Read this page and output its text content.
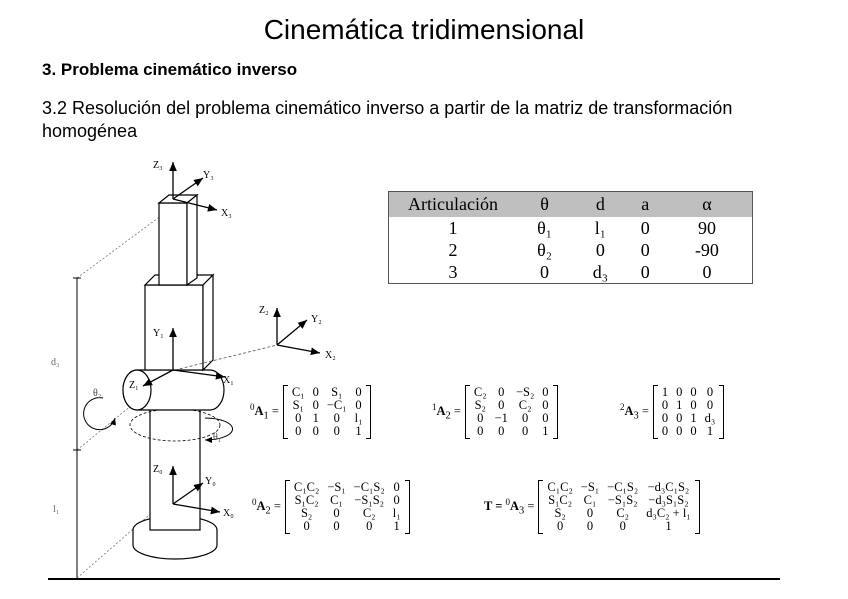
Cinemática tridimensional
3. Problema cinemático inverso
3.2 Resolución del problema cinemático inverso a partir de la matriz de transformación homogénea
d₃
l₁
Z₃
Y₃
X₃
Z₂
Y₂
X₂
Y₁
Z₁	X₁
θ₂
θ₁
Z₀
Y₀
X₀
Articulación	θ	d	a	α
1	θ₁	l₁	0	90
2	θ₂	0	0	-90
3	0	d₃	0	0
$^0A_1$ =
C₁	0	S₁	0
S₁	0	−C₁	0
0	1	0	l₁
0	0	0	1
$^1A_2$ =
C₂	0	−S₂	0
S₂	0	C₂	0
0	−1	0	0
0	0	0	1
$^2A_3$ =
1	0	0	0
0	1	0	0
0	0	1	d₃
0	0	0	1
$^0A_2$ =
C₁C₂	−S₁	−C₁S₂	0
S₁C₂	C₁	−S₁S₂	0
S₂	0	C₂	l₁
0	0	0	1
$T = ^0A_3$ =
C₁C₂	−S₁	−C₁S₂	−d₃C₁S₂
S₁C₂	C₁	−S₁S₂	−d₃S₁S₂
S₂	0	C₂	d₃C₂ + l₁
0	0	0	1
